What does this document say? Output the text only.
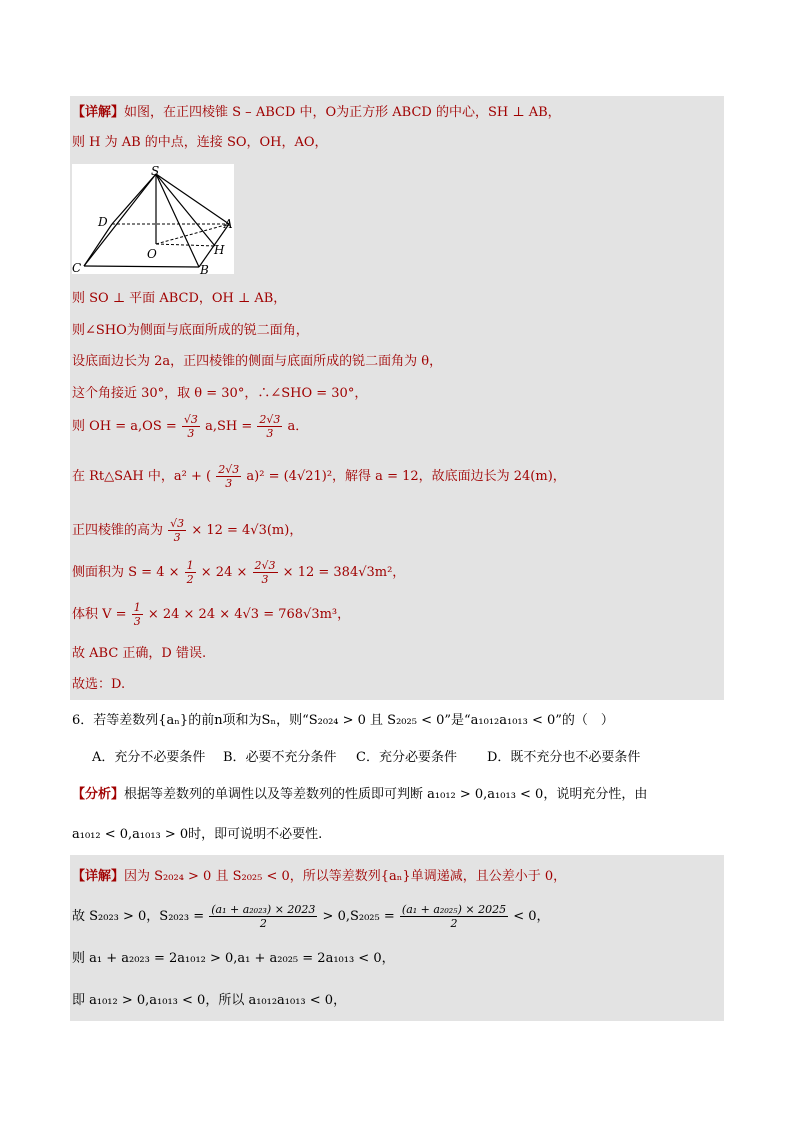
【详解】如图，在正四棱锥 S – ABCD 中，O为正方形 ABCD 的中心，SH ⊥ AB，
则 H 为 AB 的中点，连接 SO，OH，AO，
S
D	A
O	H
C	B
则 SO ⊥ 平面 ABCD，OH ⊥ AB，
则∠SHO为侧面与底面所成的锐二面角，
设底面边长为 2a，正四棱锥的侧面与底面所成的锐二面角为 θ，
这个角接近 30°，取 θ = 30°，∴∠SHO = 30°，
则 OH = $a,OS = \frac{√3}{3} a,SH = \frac{2√3}{3}$ a．
在 Rt△SAH 中，a² + ( $\frac{2√3}{3} a)^2 = (4√21)^2$，解得 a = 12，故底面边长为 24(m)，
正四棱锥的高为 $\frac{√3}{3} \times 12 = 4√3(m)$，
侧面积为 $S = 4 \times \frac{1}{2} \times 24 \times \frac{2√3}{3} \times 12 = 384√3m^2$，
体积 $V = \frac{1}{3} \times 24 \times 24 \times 4√3 = 768√3m^3$，
故 ABC 正确，D 错误.
故选：D.
6．若等差数列{aₙ}的前n项和为Sₙ，则“S₂₀₂₄ > 0 且 S₂₀₂₅ < 0”是“a₁₀₁₂a₁₀₁₃ < 0”的（　）
A．充分不必要条件 B．必要不充分条件 C．充分必要条件 D．既不充分也不必要条件
【分析】根据等差数列的单调性以及等差数列的性质即可判断 a₁₀₁₂ > 0,a₁₀₁₃ < 0，说明充分性，由
a₁₀₁₂ < 0,a₁₀₁₃ > 0时，即可说明不必要性.
【详解】因为 S₂₀₂₄ > 0 且 S₂₀₂₅ < 0，所以等差数列{aₙ}单调递减，且公差小于 0，
故 S₂₀₂₃ > 0，$S_{2023} = \frac{\text{(a₁ + a₂₀₂₃) × 2023}}{2} > 0,S_{2025} = \frac{\text{(a₁ + a₂₀₂₅) × 2025}}{2} < 0$，
则 a₁ + a₂₀₂₃ = 2a₁₀₁₂ > 0,a₁ + a₂₀₂₅ = 2a₁₀₁₃ < 0，
即 a₁₀₁₂ > 0,a₁₀₁₃ < 0，所以 a₁₀₁₂a₁₀₁₃ < 0，
